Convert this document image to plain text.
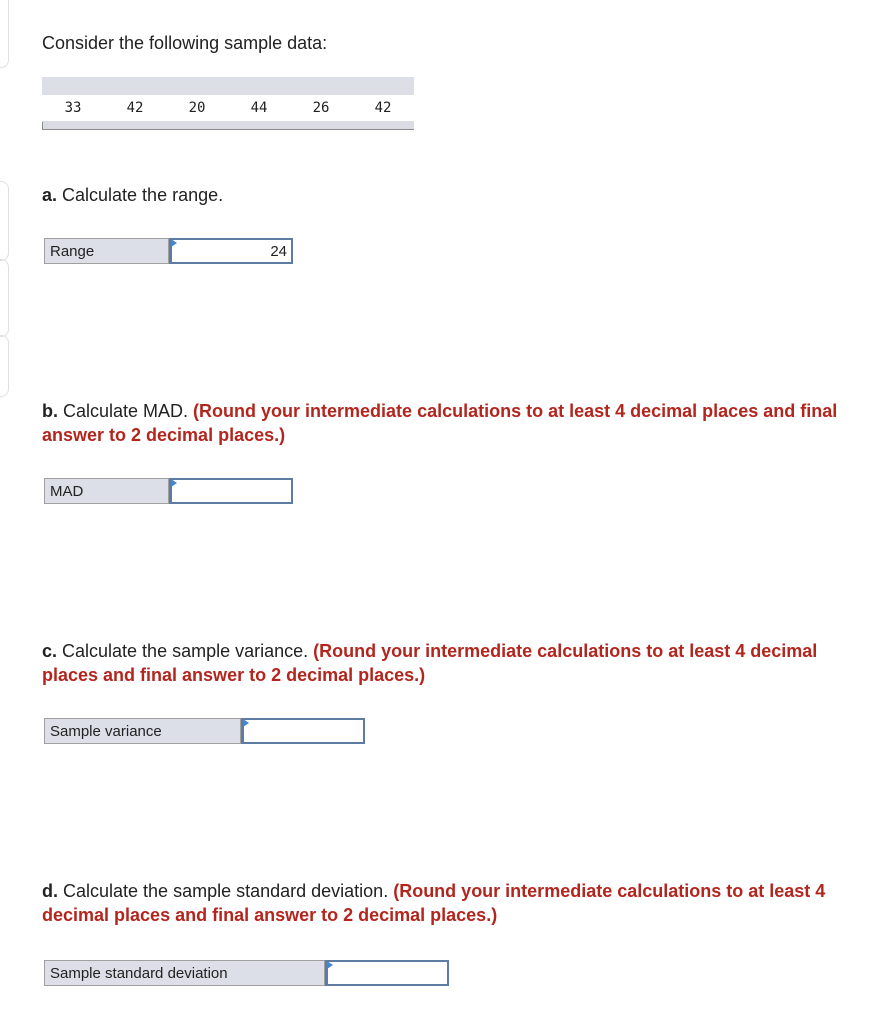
Consider the following sample data:

33	42	20	44	26	42

a. Calculate the range.

Range	24

b. Calculate MAD. (Round your intermediate calculations to at least 4 decimal places and final answer to 2 decimal places.)

MAD

c. Calculate the sample variance. (Round your intermediate calculations to at least 4 decimal places and final answer to 2 decimal places.)

Sample variance

d. Calculate the sample standard deviation. (Round your intermediate calculations to at least 4 decimal places and final answer to 2 decimal places.)

Sample standard deviation
